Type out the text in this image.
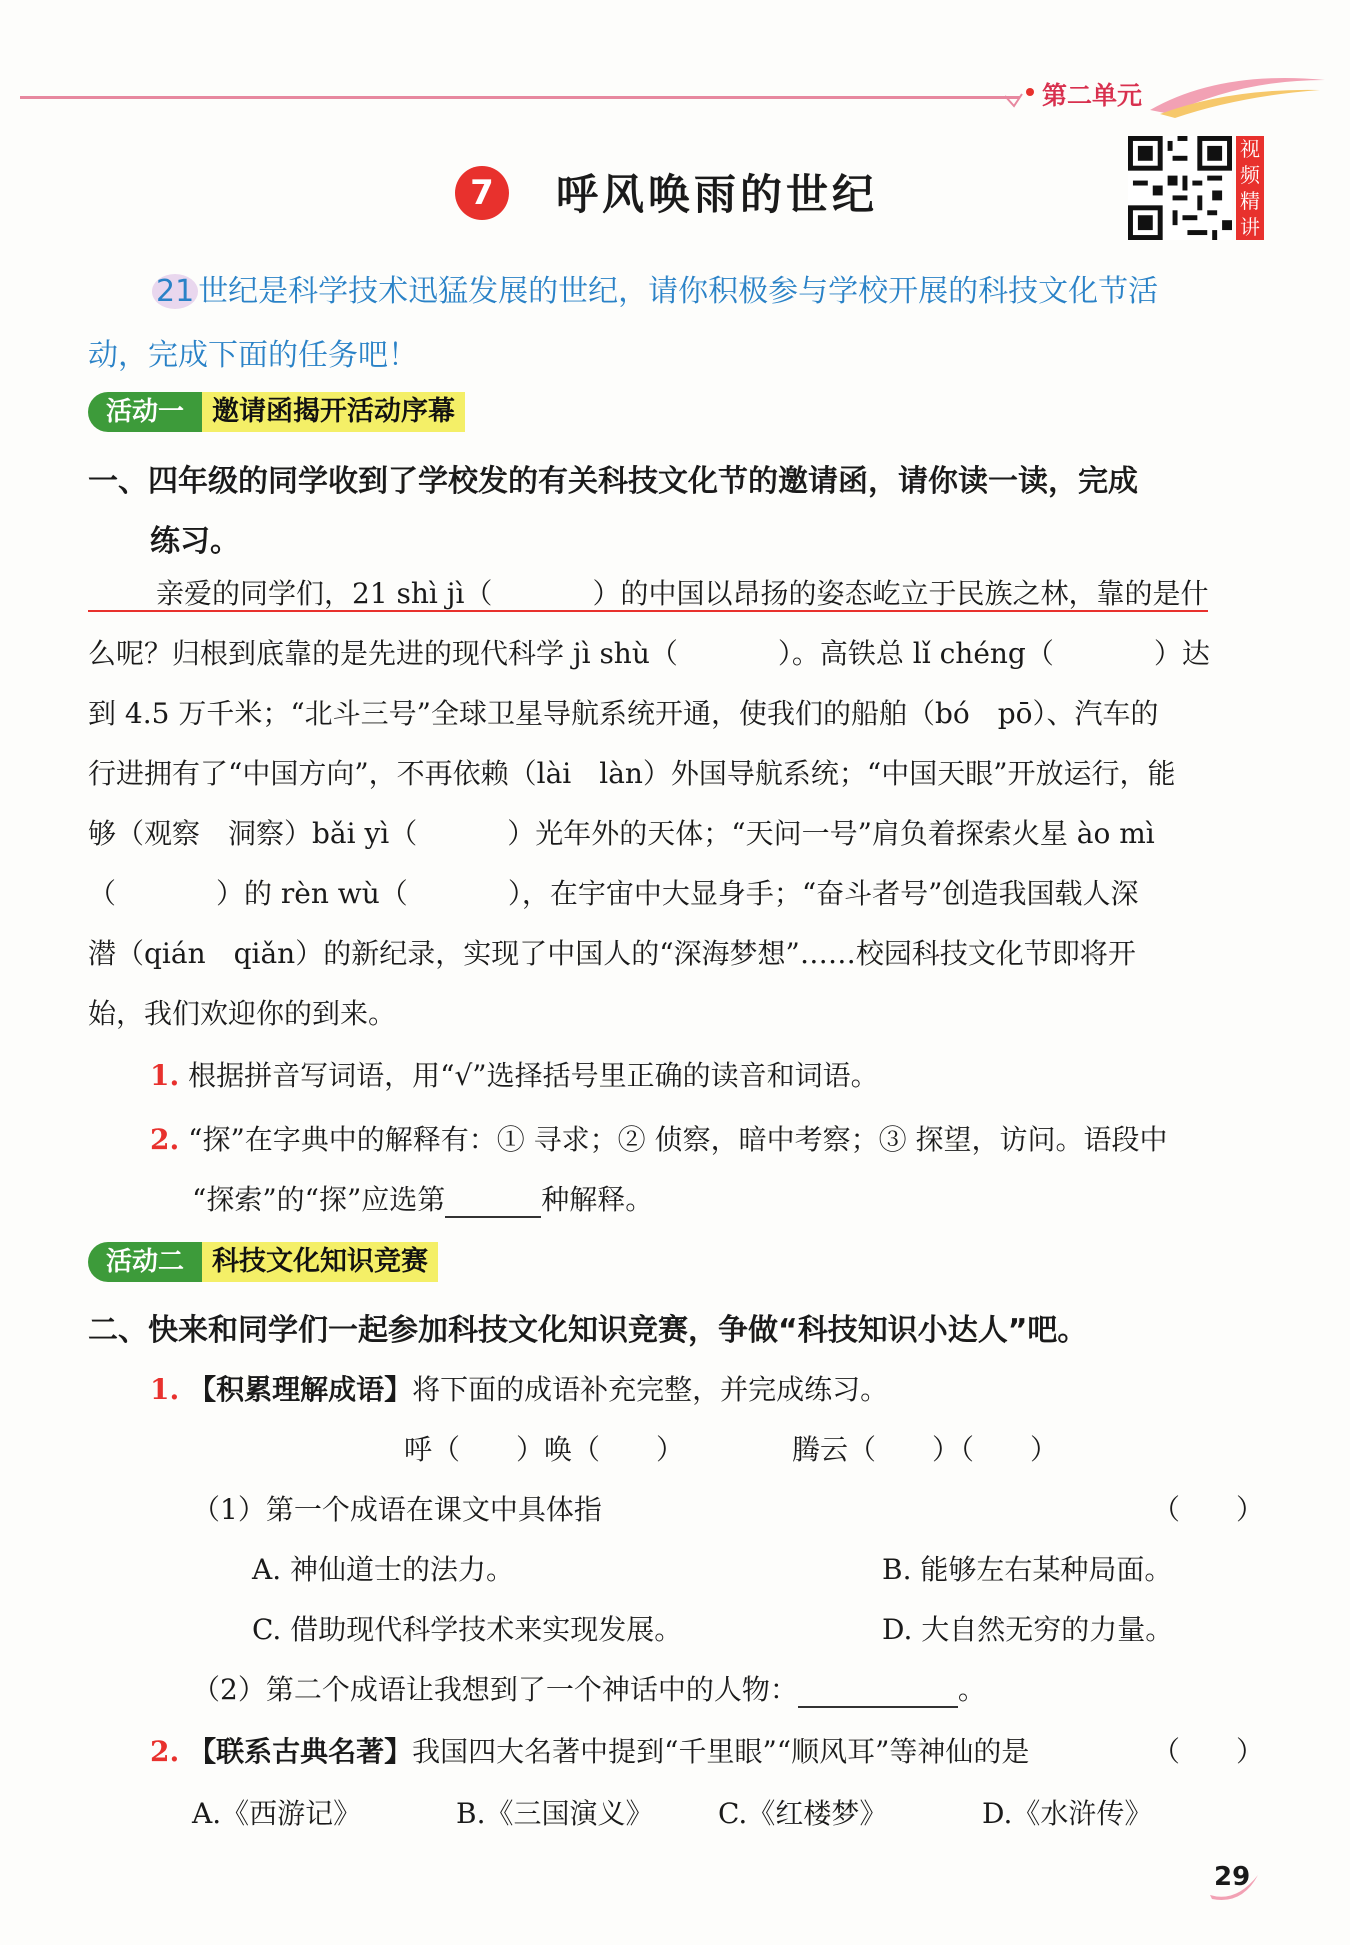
第二单元
7	呼风唤雨的世纪
视频精讲
21 世纪是科学技术迅猛发展的世纪，请你积极参与学校开展的科技文化节活
动，完成下面的任务吧！
活动一	邀请函揭开活动序幕
一、四年级的同学收到了学校发的有关科技文化节的邀请函，请你读一读，完成
练习。
亲爱的同学们，21 shì jì（	）的中国以昂扬的姿态屹立于民族之林，靠的是什
么呢？归根到底靠的是先进的现代科学 jì shù（	）。高铁总 lǐ chéng（	）达
到 4.5 万千米；“北斗三号”全球卫星导航系统开通，使我们的船舶（bó　pō）、汽车的
行进拥有了“中国方向”，不再依赖（lài　làn）外国导航系统；“中国天眼”开放运行，能
够（观察　洞察）bǎi yì（	）光年外的天体；“天问一号”肩负着探索火星 ào mì
（	）的 rèn wù（	），在宇宙中大显身手；“奋斗者号”创造我国载人深
潜（qián　qiǎn）的新纪录，实现了中国人的“深海梦想”……校园科技文化节即将开
始，我们欢迎你的到来。
1. 根据拼音写词语，用“√”选择括号里正确的读音和词语。
2. “探”在字典中的解释有：① 寻求；② 侦察，暗中考察；③ 探望，访问。语段中
“探索”的“探”应选第	种解释。
活动二	科技文化知识竞赛
二、快来和同学们一起参加科技文化知识竞赛，争做“科技知识小达人”吧。
1. 【积累理解成语】将下面的成语补充完整，并完成练习。
呼（　　）唤（　　）	腾云（　　）（　　）
（1）第一个成语在课文中具体指	（　　）
A. 神仙道士的法力。	B. 能够左右某种局面。
C. 借助现代科学技术来实现发展。	D. 大自然无穷的力量。
（2）第二个成语让我想到了一个神话中的人物：	。
2. 【联系古典名著】我国四大名著中提到“千里眼”“顺风耳”等神仙的是	（　　）
A.《西游记》	B.《三国演义》 C.《红楼梦》	D.《水浒传》
29
